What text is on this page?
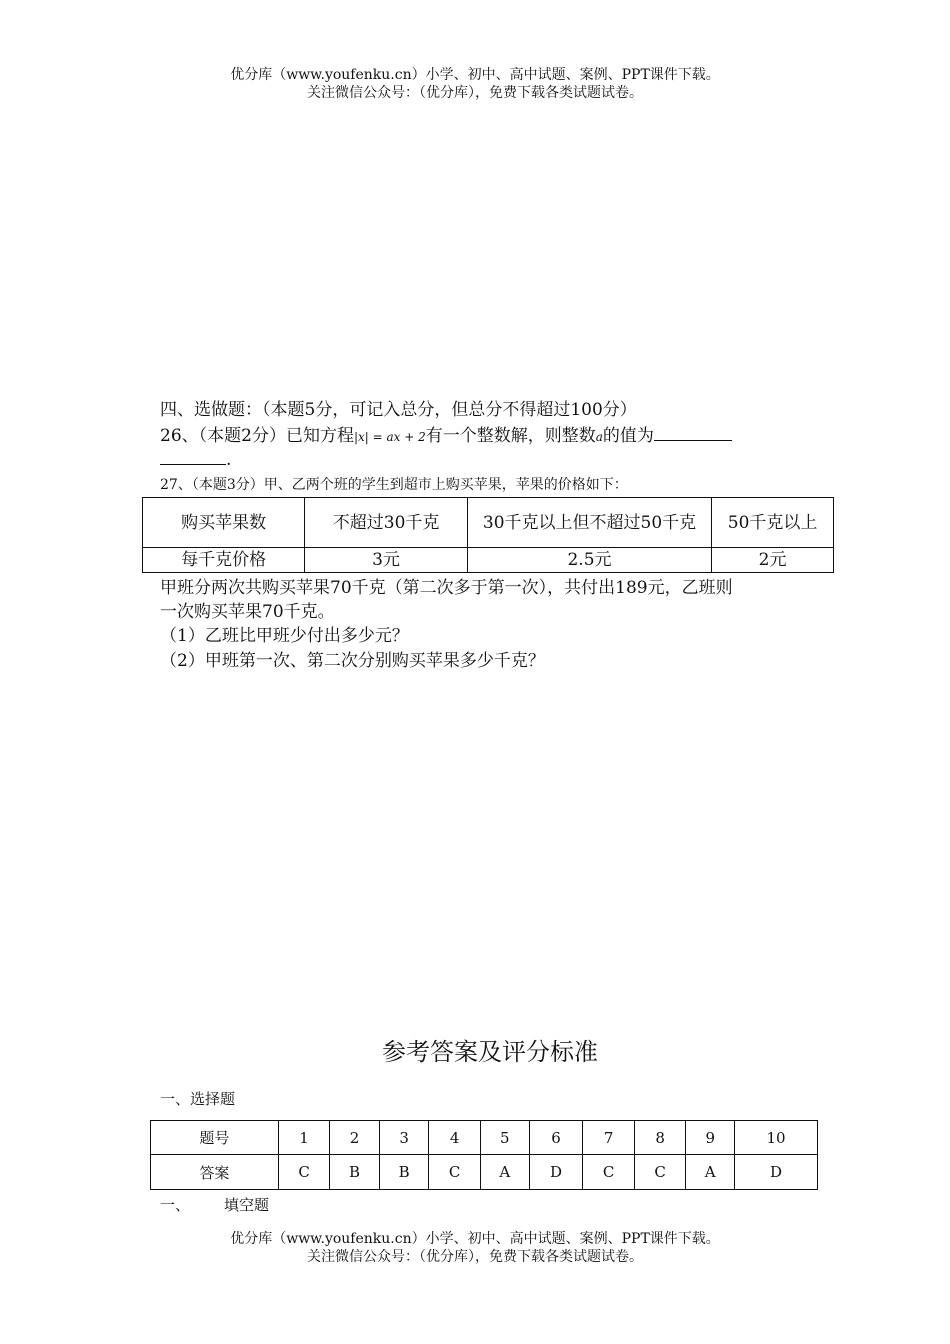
优分库（www.youfenku.cn）小学、初中、高中试题、案例、PPT课件下载。
关注微信公众号：（优分库），免费下载各类试题试卷。
四、选做题：（本题5分，可记入总分，但总分不得超过100分）
26、（本题2分）已知方程|x| = ax + 2有一个整数解，则整数a的值为
.
27、（本题3分）甲、乙两个班的学生到超市上购买苹果，苹果的价格如下：
购买苹果数	不超过30千克	30千克以上但不超过50千克	50千克以上
每千克价格	3元	2.5元	2元
甲班分两次共购买苹果70千克（第二次多于第一次），共付出189元，乙班则
一次购买苹果70千克。
（1）乙班比甲班少付出多少元？
（2）甲班第一次、第二次分别购买苹果多少千克？
参考答案及评分标准
一、选择题
题号	1	2	3	4	5	6	7	8	9	10
答案	C	B	B	C	A	D	C	C	A	D
一、 填空题
优分库（www.youfenku.cn）小学、初中、高中试题、案例、PPT课件下载。
关注微信公众号：（优分库），免费下载各类试题试卷。
